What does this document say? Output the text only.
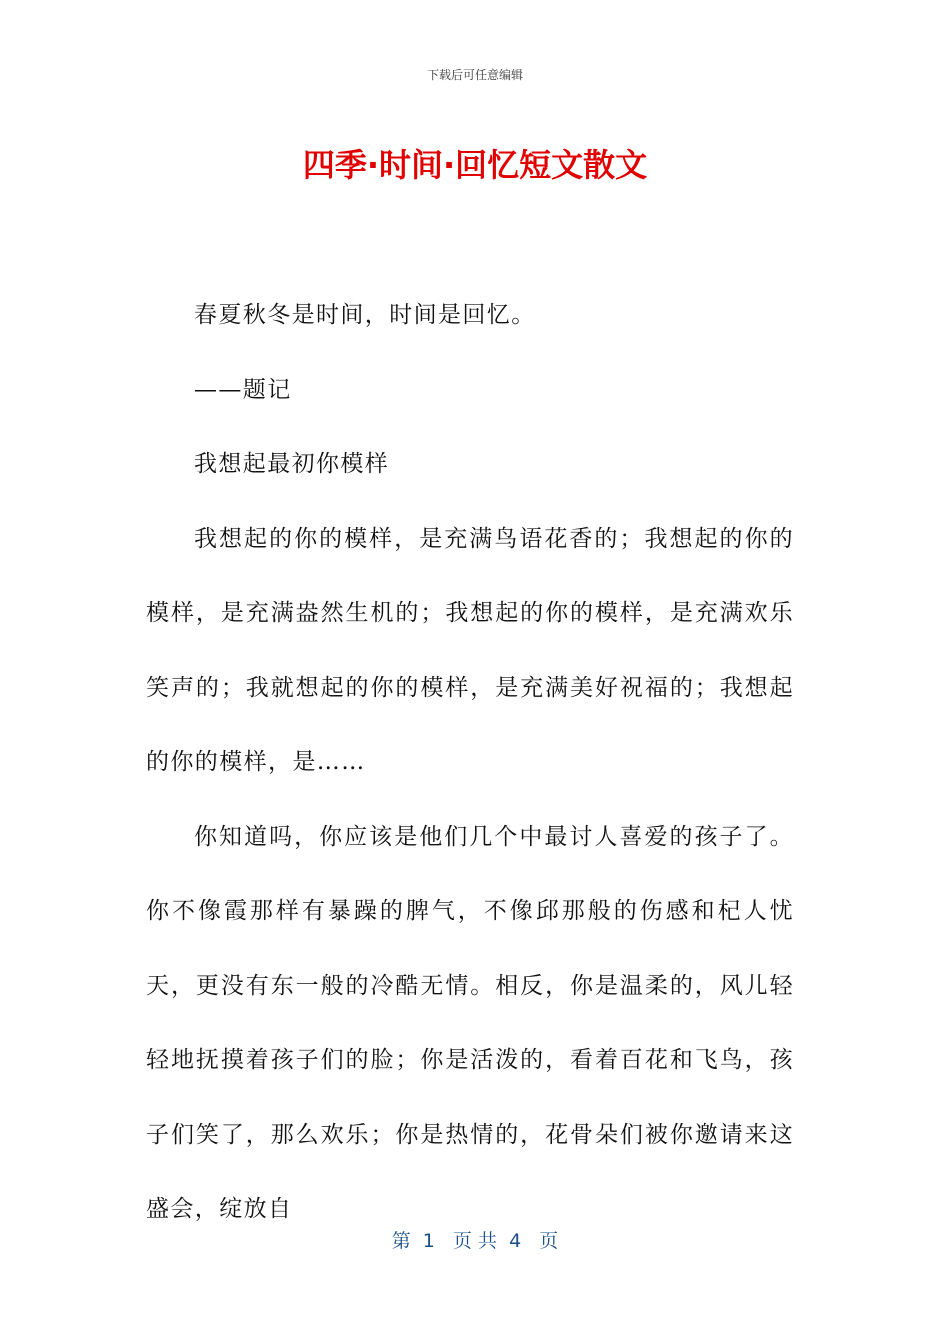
下载后可任意编辑
四季·时间·回忆短文散文

春夏秋冬是时间，时间是回忆。

——题记

我想起最初你模样

我想起的你的模样，是充满鸟语花香的；我想起的你的模样，是充满盎然生机的；我想起的你的模样，是充满欢乐笑声的；我就想起的你的模样，是充满美好祝福的；我想起的你的模样，是……

你知道吗，你应该是他们几个中最讨人喜爱的孩子了。你不像霞那样有暴躁的脾气，不像邱那般的伤感和杞人忧天，更没有东一般的冷酷无情。相反，你是温柔的，风儿轻轻地抚摸着孩子们的脸；你是活泼的，看着百花和飞鸟，孩子们笑了，那么欢乐；你是热情的，花骨朵们被你邀请来这盛会，绽放自

第  1   页 共  4   页
